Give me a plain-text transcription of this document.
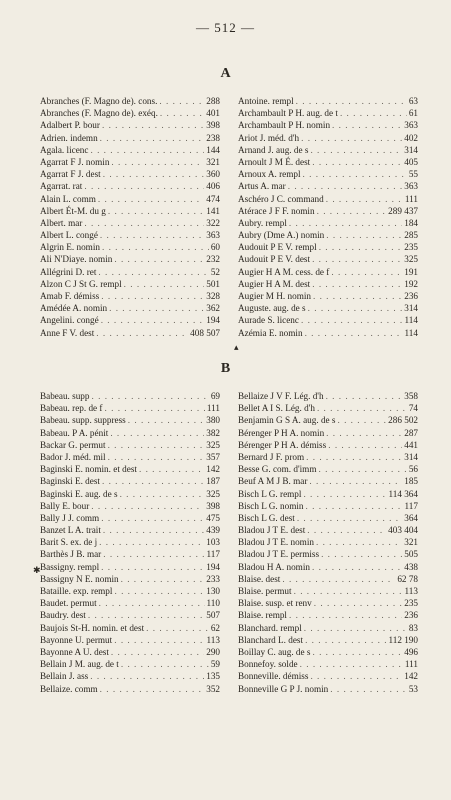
— 512 —
A
Abranches (F. Magno de). cons. . . .	288
Abranches (F. Magno de). exéq. . . .	401
Adalbert P. bour . . .	398
Adrien. indemn . . .	238
Agala. licenc . . .	144
Agarrat F J. nomin . . .	321
Agarrat F J. dest . . .	360
Agarrat. rat . . .	406
Alain L. comm . . .	474
Albert Ét-M. du g . . .	141
Albert. mar . . .	322
Albert L. congé . . .	363
Algrin E. nomin . . .	60
Ali N'Diaye. nomin . . .	232
Allégrini D. ret . . .	52
Alzon C J St G. rempl . . .	501
Amab F. démiss . . .	328
Amédée A. nomin . . .	362
Angelini. congé . . .	194
Anne F V. dest . . .	408 507
Antoine. rempl . . .	63
Archambault P H. aug. de t . . .	61
Archambault P H. nomin . . .	363
Ariot J. méd. d'h . . .	402
Arnand J. aug. de s . . .	314
Arnoult J M É. dest . . .	405
Arnoux A. rempl . . .	55
Artus A. mar . . .	363
Aschéro J C. command . . .	111
Atérace J F F. nomin . . .	289 437
Aubry. rempl . . .	184
Aubry (Dme A.) nomin . . .	285
Audouit P E V. rempl . . .	235
Audouit P E V. dest . . .	325
Augier H A M. cess. de f . . .	191
Augier H A M. dest . . .	192
Augier M H. nomin . . .	236
Auguste. aug. de s . . .	314
Aurade S. licenc . . .	114
Azémia E. nomin . . .	114
▴
B
Babeau. supp . . .	69
Babeau. rep. de f . . .	111
Babeau. supp. suppress . . .	380
Babeau. P A. pénit . . .	382
Backar G. permut . . .	325
Bador J. méd. mil . . .	357
Baginski E. nomin. et dest . . .	142
Baginski E. dest . . .	187
Baginski E. aug. de s . . .	325
Bally E. bour . . .	398
Bally J J. comm . . .	475
Banzet L A. trait . . .	439
Barit S. ex. de j . . .	103
Barthès J B. mar . . .	117
Bassigny. rempl . . .	194
Bassigny N E. nomin . . .	233
Bataille. exp. rempl . . .	130
Baudet. permut . . .	110
Baudry. dest . . .	507
Baujois St-H. nomin. et dest . . .	62
Bayonne U. permut . . .	113
Bayonne A U. dest . . .	290
Bellain J M. aug. de t . . .	59
Bellain J. ass . . .	135
Bellaize. comm . . .	352
Bellaize J V F. Lég. d'h . . .	358
Bellet A I S. Lég. d'h . . .	74
Benjamin G S A. aug. de s . . .	286 502
Bérenger P H A. nomin . . .	287
Bérenger P H A. démiss . . .	441
Bernard J F. prom . . .	314
Besse G. com. d'imm . . .	56
Beuf A M J B. mar . . .	185
Bisch L G. rempl . . .	114 364
Bisch L G. nomin . . .	117
Bisch L G. dest . . .	364
Bladou J T E. dest . . .	403 404
Bladou J T E. nomin . . .	321
Bladou J T E. permiss . . .	505
Bladou H A. nomin . . .	438
Blaise. dest . . .	62 78
Blaise. permut . . .	113
Blaise. susp. et renv . . .	235
Blaise. rempl . . .	236
Blanchard. rempl . . .	83
Blanchard L. dest . . .	112 190
Boillay C. aug. de s . . .	496
Bonnefoy. solde . . .	111
Bonneville. démiss . . .	142
Bonneville G P J. nomin . . .	53
✱
